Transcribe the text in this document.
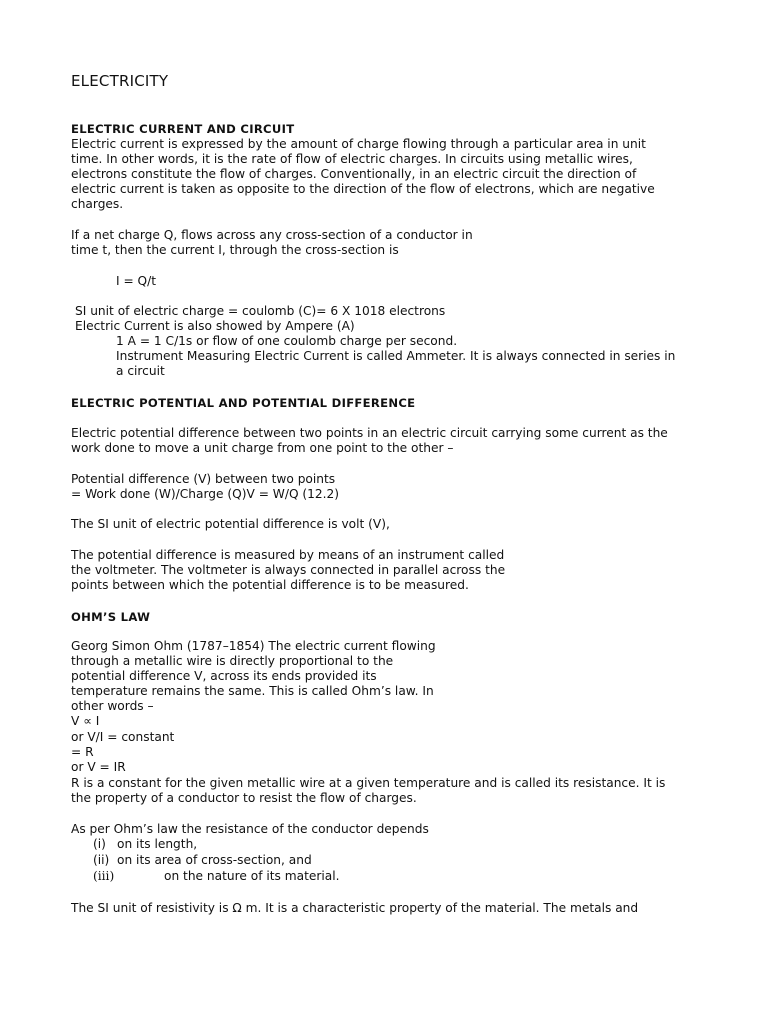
ELECTRICITY
ELECTRIC CURRENT AND CIRCUIT
Electric current is expressed by the amount of charge flowing through a particular area in unit
time. In other words, it is the rate of flow of electric charges. In circuits using metallic wires,
electrons constitute the flow of charges. Conventionally, in an electric circuit the direction of
electric current is taken as opposite to the direction of the flow of electrons, which are negative
charges.
If a net charge Q, flows across any cross-section of a conductor in
time t, then the current I, through the cross-section is
I = Q/t
SI unit of electric charge = coulomb (C)= 6 X 1018 electrons
Electric Current is also showed by Ampere (A)
1 A = 1 C/1s or flow of one coulomb charge per second.
Instrument Measuring Electric Current is called Ammeter. It is always connected in series in
a circuit
ELECTRIC POTENTIAL AND POTENTIAL DIFFERENCE
Electric potential difference between two points in an electric circuit carrying some current as the
work done to move a unit charge from one point to the other –
Potential difference (V) between two points
= Work done (W)/Charge (Q)V = W/Q (12.2)
The SI unit of electric potential difference is volt (V),
The potential difference is measured by means of an instrument called
the voltmeter. The voltmeter is always connected in parallel across the
points between which the potential difference is to be measured.
OHM’S LAW
Georg Simon Ohm (1787–1854) The electric current flowing
through a metallic wire is directly proportional to the
potential difference V, across its ends provided its
temperature remains the same. This is called Ohm’s law. In
other words –
V ∝ I
or V/I = constant
= R
or V = IR
R is a constant for the given metallic wire at a given temperature and is called its resistance. It is
the property of a conductor to resist the flow of charges.
As per Ohm’s law the resistance of the conductor depends
(i) on its length,
(ii) on its area of cross-section, and
(iii)	on the nature of its material.
The SI unit of resistivity is Ω m. It is a characteristic property of the material. The metals and
